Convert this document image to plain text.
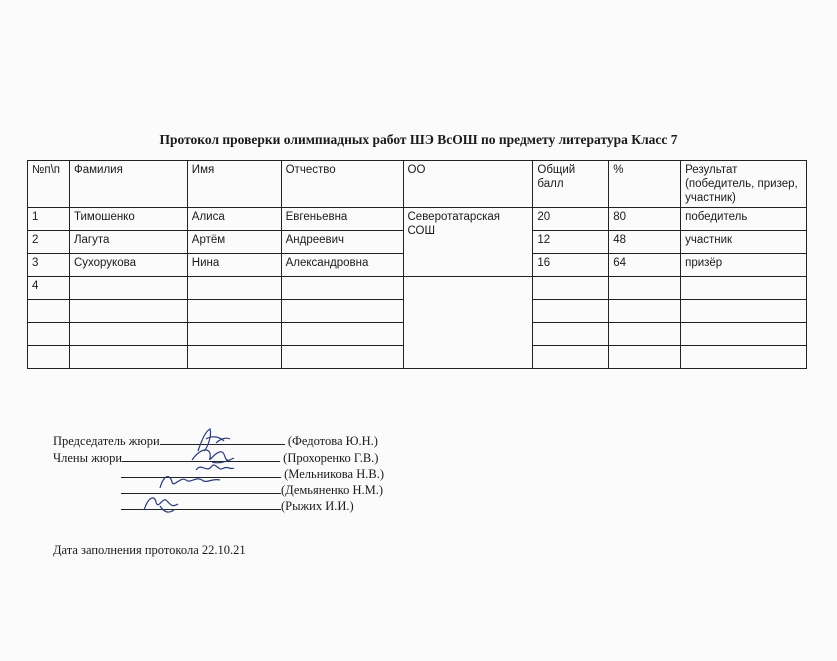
Протокол проверки олимпиадных работ ШЭ ВсОШ по предмету литература Класс 7
№п\п	Фамилия	Имя	Отчество	ОО	Общий балл	%	Результат
(победитель, призер, участник)
1	Тимошенко	Алиса	Евгеньевна	Северотатарская СОШ	20	80	победитель
2	Лагута	Артём	Андреевич		12	48	участник
3	Сухорукова	Нина	Александровна		16	64	призёр
4							

Председатель жюри	(Федотова Ю.Н.)
Члены жюри	(Прохоренко Г.В.)
(Мельникова Н.В.)
(Демьяненко Н.М.)
(Рыжих И.И.)
Дата заполнения протокола 22.10.21
